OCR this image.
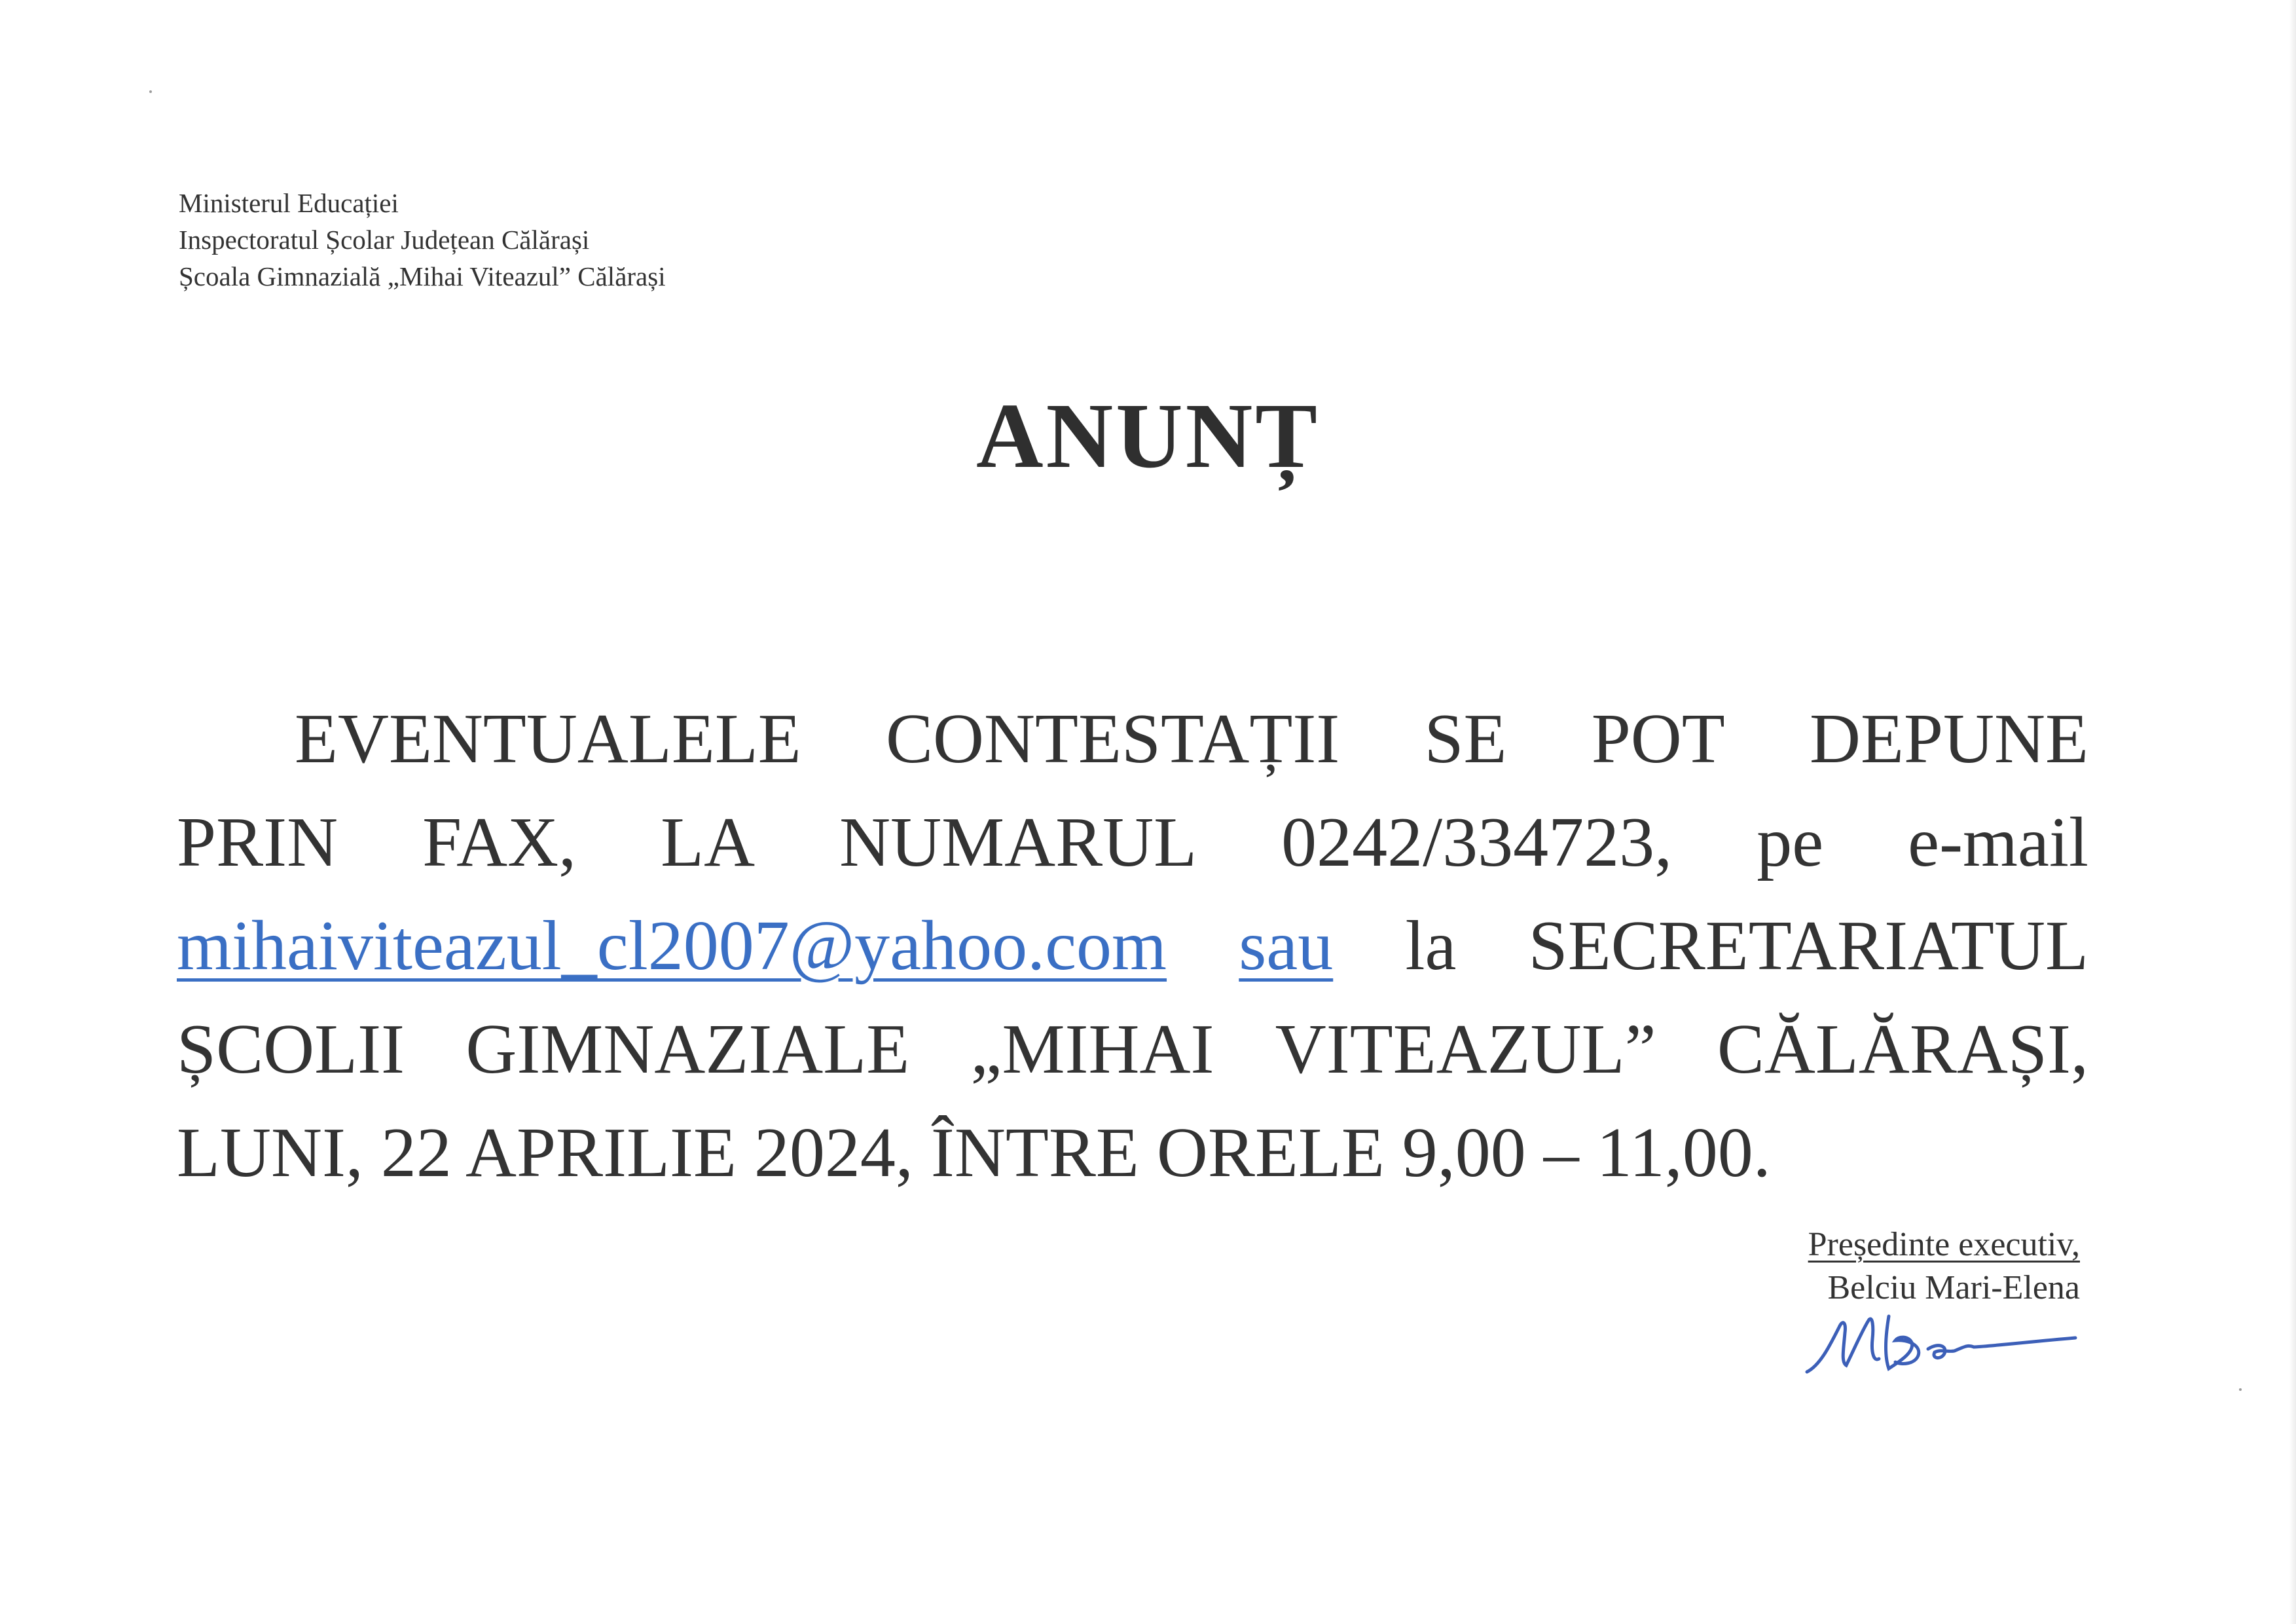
Ministerul Educației
Inspectoratul Școlar Județean Călărași
Școala Gimnazială „Mihai Viteazul” Călărași
ANUNȚ
EVENTUALELE CONTESTAȚII SE POT DEPUNE
PRIN FAX, LA NUMARUL 0242/334723, pe e-mail
mihaiviteazul_cl2007@yahoo.com sau la SECRETARIATUL
ȘCOLII GIMNAZIALE „MIHAI VITEAZUL” CĂLĂRAȘI,
LUNI, 22 APRILIE 2024, ÎNTRE ORELE 9,00 – 11,00.
Președinte executiv,
Belciu Mari-Elena
